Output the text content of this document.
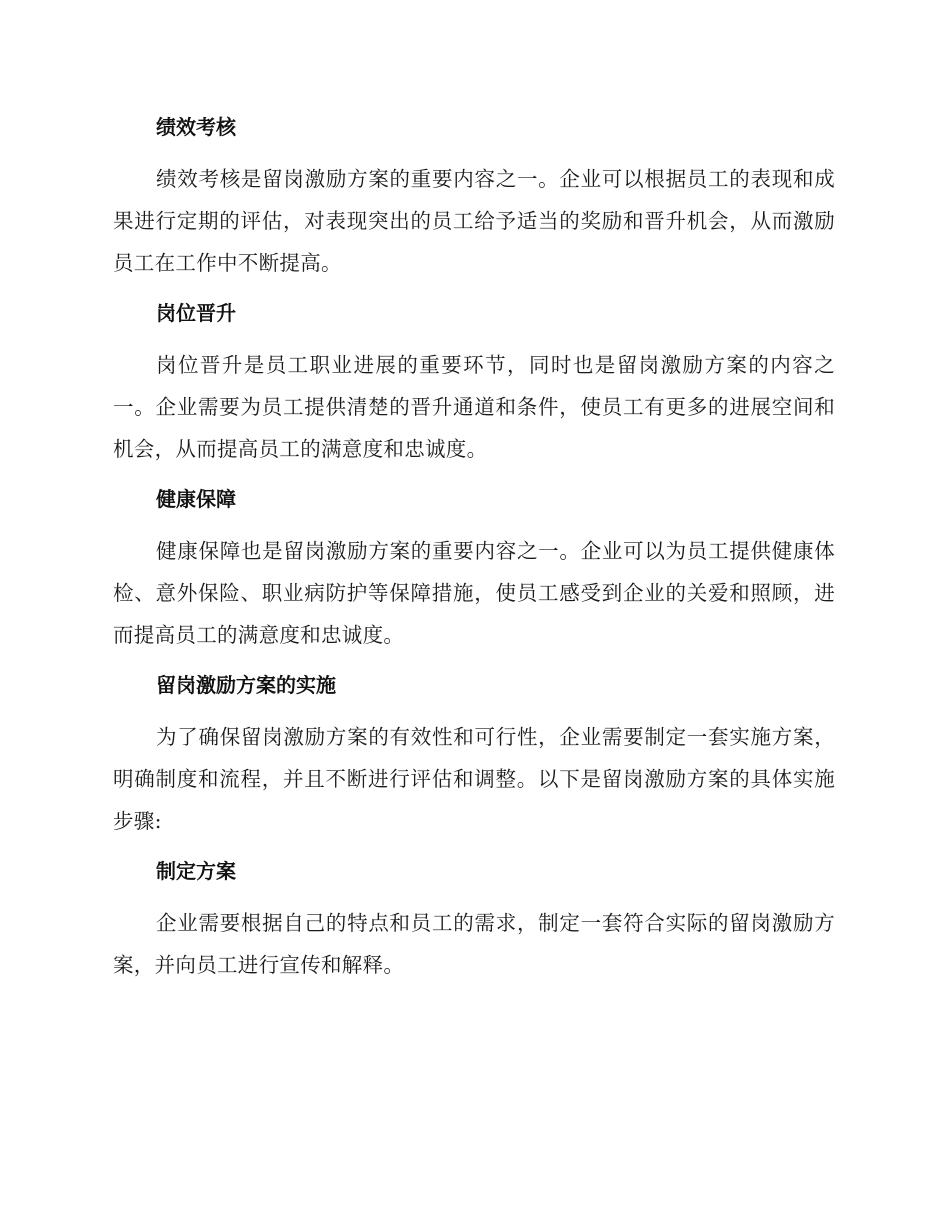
绩效考核

绩效考核是留岗激励方案的重要内容之一。企业可以根据员工的表现和成果进行定期的评估，对表现突出的员工给予适当的奖励和晋升机会，从而激励员工在工作中不断提高。

岗位晋升

岗位晋升是员工职业进展的重要环节，同时也是留岗激励方案的内容之一。企业需要为员工提供清楚的晋升通道和条件，使员工有更多的进展空间和机会，从而提高员工的满意度和忠诚度。

健康保障

健康保障也是留岗激励方案的重要内容之一。企业可以为员工提供健康体检、意外保险、职业病防护等保障措施，使员工感受到企业的关爱和照顾，进而提高员工的满意度和忠诚度。

留岗激励方案的实施

为了确保留岗激励方案的有效性和可行性，企业需要制定一套实施方案，明确制度和流程，并且不断进行评估和调整。以下是留岗激励方案的具体实施步骤:

制定方案

企业需要根据自己的特点和员工的需求，制定一套符合实际的留岗激励方案，并向员工进行宣传和解释。
